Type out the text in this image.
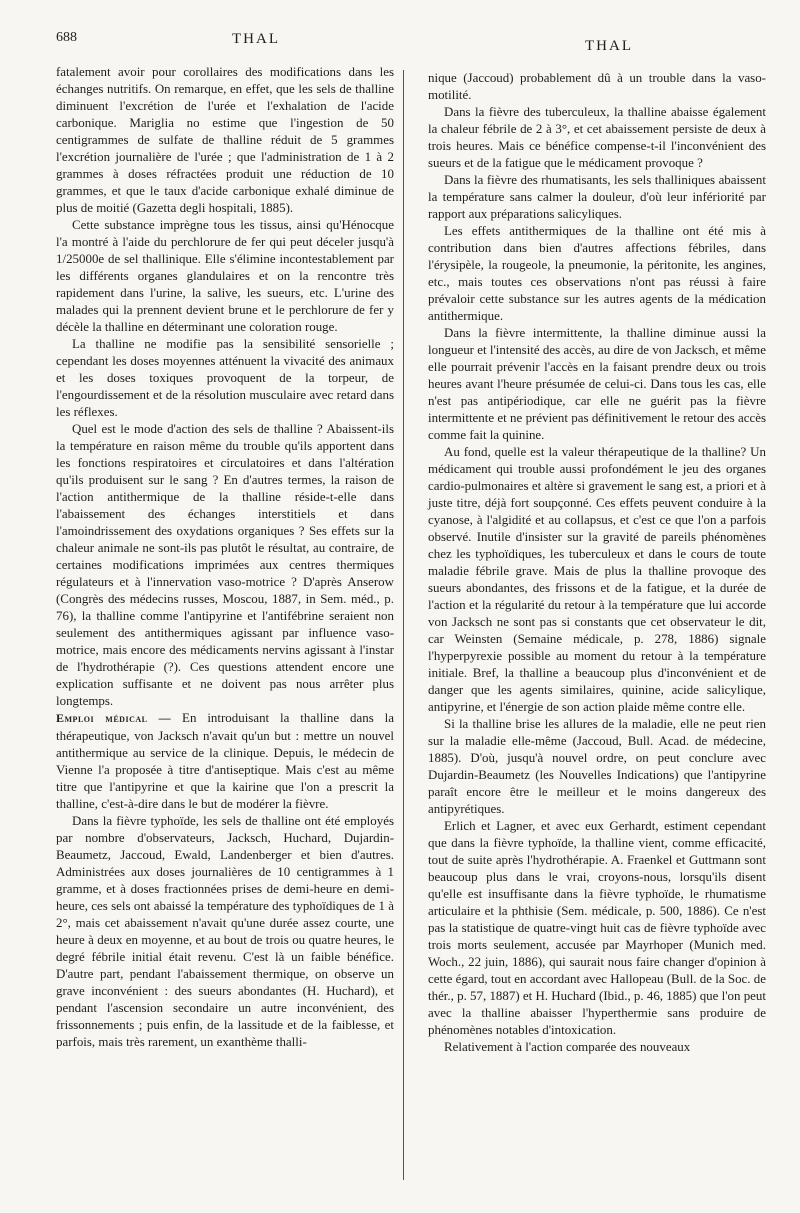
688	THAL	THAL

fatalement avoir pour corollaires des modifications dans les échanges nutritifs. On remarque, en effet, que les sels de thalline diminuent l'excrétion de l'urée et l'exhalation de l'acide carbonique. Mariglia no estime que l'ingestion de 50 centigrammes de sulfate de thalline réduit de 5 grammes l'excrétion journalière de l'urée ; que l'administration de 1 à 2 grammes à doses réfractées produit une réduction de 10 grammes, et que le taux d'acide carbonique exhalé diminue de plus de moitié (Gazetta degli hospitali, 1885).

Cette substance imprègne tous les tissus, ainsi qu'Hénocque l'a montré à l'aide du perchlorure de fer qui peut déceler jusqu'à 1/25000e de sel thallinique. Elle s'élimine incontestablement par les différents organes glandulaires et on la rencontre très rapidement dans l'urine, la salive, les sueurs, etc. L'urine des malades qui la prennent devient brune et le perchlorure de fer y décèle la thalline en déterminant une coloration rouge.

La thalline ne modifie pas la sensibilité sensorielle ; cependant les doses moyennes atténuent la vivacité des animaux et les doses toxiques provoquent de la torpeur, de l'engourdissement et de la résolution musculaire avec retard dans les réflexes.

Quel est le mode d'action des sels de thalline ? Abaissent-ils la température en raison même du trouble qu'ils apportent dans les fonctions respiratoires et circulatoires et dans l'altération qu'ils produisent sur le sang ? En d'autres termes, la raison de l'action antithermique de la thalline réside-t-elle dans l'abaissement des échanges interstitiels et dans l'amoindrissement des oxydations organiques ? Ses effets sur la chaleur animale ne sont-ils pas plutôt le résultat, au contraire, de certaines modifications imprimées aux centres thermiques régulateurs et à l'innervation vaso-motrice ? D'après Anserow (Congrès des médecins russes, Moscou, 1887, in Sem. méd., p. 76), la thalline comme l'antipyrine et l'antifébrine seraient non seulement des antithermiques agissant par influence vaso-motrice, mais encore des médicaments nervins agissant à l'instar de l'hydrothérapie (?). Ces questions attendent encore une explication suffisante et ne doivent pas nous arrêter plus longtemps.

Emploi médical — En introduisant la thalline dans la thérapeutique, von Jacksch n'avait qu'un but : mettre un nouvel antithermique au service de la clinique. Depuis, le médecin de Vienne l'a proposée à titre d'antiseptique. Mais c'est au même titre que l'antipyrine et que la kairine que l'on a prescrit la thalline, c'est-à-dire dans le but de modérer la fièvre.

Dans la fièvre typhoïde, les sels de thalline ont été employés par nombre d'observateurs, Jacksch, Huchard, Dujardin-Beaumetz, Jaccoud, Ewald, Landenberger et bien d'autres. Administrées aux doses journalières de 10 centigrammes à 1 gramme, et à doses fractionnées prises de demi-heure en demi-heure, ces sels ont abaissé la température des typhoïdiques de 1 à 2°, mais cet abaissement n'avait qu'une durée assez courte, une heure à deux en moyenne, et au bout de trois ou quatre heures, le degré fébrile initial était revenu. C'est là un faible bénéfice. D'autre part, pendant l'abaissement thermique, on observe un grave inconvénient : des sueurs abondantes (H. Huchard), et pendant l'ascension secondaire un autre inconvénient, des frissonnements ; puis enfin, de la lassitude et de la faiblesse, et parfois, mais très rarement, un exanthème thalli-

nique (Jaccoud) probablement dû à un trouble dans la vaso-motilité.

Dans la fièvre des tuberculeux, la thalline abaisse également la chaleur fébrile de 2 à 3°, et cet abaissement persiste de deux à trois heures. Mais ce bénéfice compense-t-il l'inconvénient des sueurs et de la fatigue que le médicament provoque ?

Dans la fièvre des rhumatisants, les sels thalliniques abaissent la température sans calmer la douleur, d'où leur infériorité par rapport aux préparations salicyliques.

Les effets antithermiques de la thalline ont été mis à contribution dans bien d'autres affections fébriles, dans l'érysipèle, la rougeole, la pneumonie, la péritonite, les angines, etc., mais toutes ces observations n'ont pas réussi à faire prévaloir cette substance sur les autres agents de la médication antithermique.

Dans la fièvre intermittente, la thalline diminue aussi la longueur et l'intensité des accès, au dire de von Jacksch, et même elle pourrait prévenir l'accès en la faisant prendre deux ou trois heures avant l'heure présumée de celui-ci. Dans tous les cas, elle n'est pas antipériodique, car elle ne guérit pas la fièvre intermittente et ne prévient pas définitivement le retour des accès comme fait la quinine.

Au fond, quelle est la valeur thérapeutique de la thalline? Un médicament qui trouble aussi profondément le jeu des organes cardio-pulmonaires et altère si gravement le sang est, a priori et à juste titre, déjà fort soupçonné. Ces effets peuvent conduire à la cyanose, à l'algidité et au collapsus, et c'est ce que l'on a parfois observé. Inutile d'insister sur la gravité de pareils phénomènes chez les typhoïdiques, les tuberculeux et dans le cours de toute maladie fébrile grave. Mais de plus la thalline provoque des sueurs abondantes, des frissons et de la fatigue, et la durée de l'action et la régularité du retour à la température que lui accorde von Jacksch ne sont pas si constants que cet observateur le dit, car Weinsten (Semaine médicale, p. 278, 1886) signale l'hyperpyrexie possible au moment du retour à la température initiale. Bref, la thalline a beaucoup plus d'inconvénient et de danger que les agents similaires, quinine, acide salicylique, antipyrine, et l'énergie de son action plaide même contre elle.

Si la thalline brise les allures de la maladie, elle ne peut rien sur la maladie elle-même (Jaccoud, Bull. Acad. de médecine, 1885). D'où, jusqu'à nouvel ordre, on peut conclure avec Dujardin-Beaumetz (les Nouvelles Indications) que l'antipyrine paraît encore être le meilleur et le moins dangereux des antipyrétiques.

Erlich et Lagner, et avec eux Gerhardt, estiment cependant que dans la fièvre typhoïde, la thalline vient, comme efficacité, tout de suite après l'hydrothérapie. A. Fraenkel et Guttmann sont beaucoup plus dans le vrai, croyons-nous, lorsqu'ils disent qu'elle est insuffisante dans la fièvre typhoïde, le rhumatisme articulaire et la phthisie (Sem. médicale, p. 500, 1886). Ce n'est pas la statistique de quatre-vingt huit cas de fièvre typhoïde avec trois morts seulement, accusée par Mayrhoper (Munich med. Woch., 22 juin, 1886), qui saurait nous faire changer d'opinion à cette égard, tout en accordant avec Hallopeau (Bull. de la Soc. de thér., p. 57, 1887) et H. Huchard (Ibid., p. 46, 1885) que l'on peut avec la thalline abaisser l'hyperthermie sans produire de phénomènes notables d'intoxication.

Relativement à l'action comparée des nouveaux
